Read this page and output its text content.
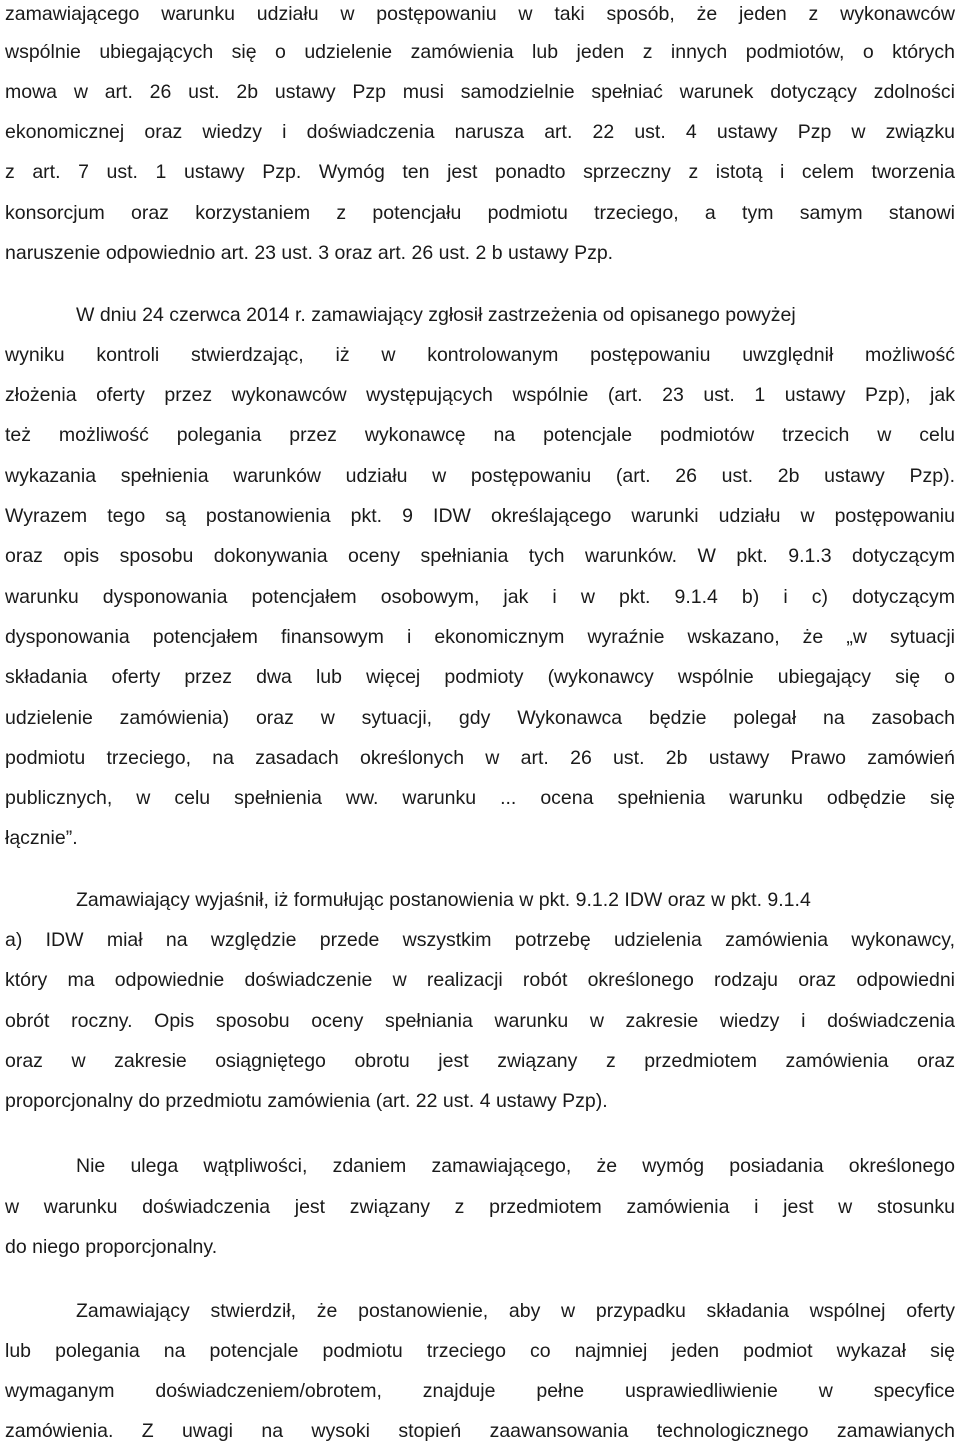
zamawiającego warunku udziału w postępowaniu w taki sposób, że jeden z wykonawców
wspólnie ubiegających się o udzielenie zamówienia lub jeden z innych podmiotów, o których
mowa w art. 26 ust. 2b ustawy Pzp musi samodzielnie spełniać warunek dotyczący zdolności
ekonomicznej oraz wiedzy i doświadczenia narusza art. 22 ust. 4 ustawy Pzp w związku
z art. 7 ust. 1 ustawy Pzp. Wymóg ten jest ponadto sprzeczny z istotą i celem tworzenia
konsorcjum oraz korzystaniem z potencjału podmiotu trzeciego, a tym samym stanowi
naruszenie odpowiednio art. 23 ust. 3 oraz art. 26 ust. 2 b ustawy Pzp.
W dniu 24 czerwca 2014 r. zamawiający zgłosił zastrzeżenia od opisanego powyżej
wyniku kontroli stwierdzając, iż w kontrolowanym postępowaniu uwzględnił możliwość
złożenia oferty przez wykonawców występujących wspólnie (art. 23 ust. 1 ustawy Pzp), jak
też możliwość polegania przez wykonawcę na potencjale podmiotów trzecich w celu
wykazania spełnienia warunków udziału w postępowaniu (art. 26 ust. 2b ustawy Pzp).
Wyrazem tego są postanowienia pkt. 9 IDW określającego warunki udziału w postępowaniu
oraz opis sposobu dokonywania oceny spełniania tych warunków. W pkt. 9.1.3 dotyczącym
warunku dysponowania potencjałem osobowym, jak i w pkt. 9.1.4 b) i c) dotyczącym
dysponowania potencjałem finansowym i ekonomicznym wyraźnie wskazano, że „w sytuacji
składania oferty przez dwa lub więcej podmioty (wykonawcy wspólnie ubiegający się o
udzielenie zamówienia) oraz w sytuacji, gdy Wykonawca będzie polegał na zasobach
podmiotu trzeciego, na zasadach określonych w art. 26 ust. 2b ustawy Prawo zamówień
publicznych, w celu spełnienia ww. warunku ... ocena spełnienia warunku odbędzie się
łącznie”.
Zamawiający wyjaśnił, iż formułując postanowienia w pkt. 9.1.2 IDW oraz w pkt. 9.1.4
a) IDW miał na względzie przede wszystkim potrzebę udzielenia zamówienia wykonawcy,
który ma odpowiednie doświadczenie w realizacji robót określonego rodzaju oraz odpowiedni
obrót roczny. Opis sposobu oceny spełniania warunku w zakresie wiedzy i doświadczenia
oraz w zakresie osiągniętego obrotu jest związany z przedmiotem zamówienia oraz
proporcjonalny do przedmiotu zamówienia (art. 22 ust. 4 ustawy Pzp).
Nie ulega wątpliwości, zdaniem zamawiającego, że wymóg posiadania określonego
w warunku doświadczenia jest związany z przedmiotem zamówienia i jest w stosunku
do niego proporcjonalny.
Zamawiający stwierdził, że postanowienie, aby w przypadku składania wspólnej oferty
lub polegania na potencjale podmiotu trzeciego co najmniej jeden podmiot wykazał się
wymaganym doświadczeniem/obrotem, znajduje pełne usprawiedliwienie w specyfice
zamówienia. Z uwagi na wysoki stopień zaawansowania technologicznego zamawianych
